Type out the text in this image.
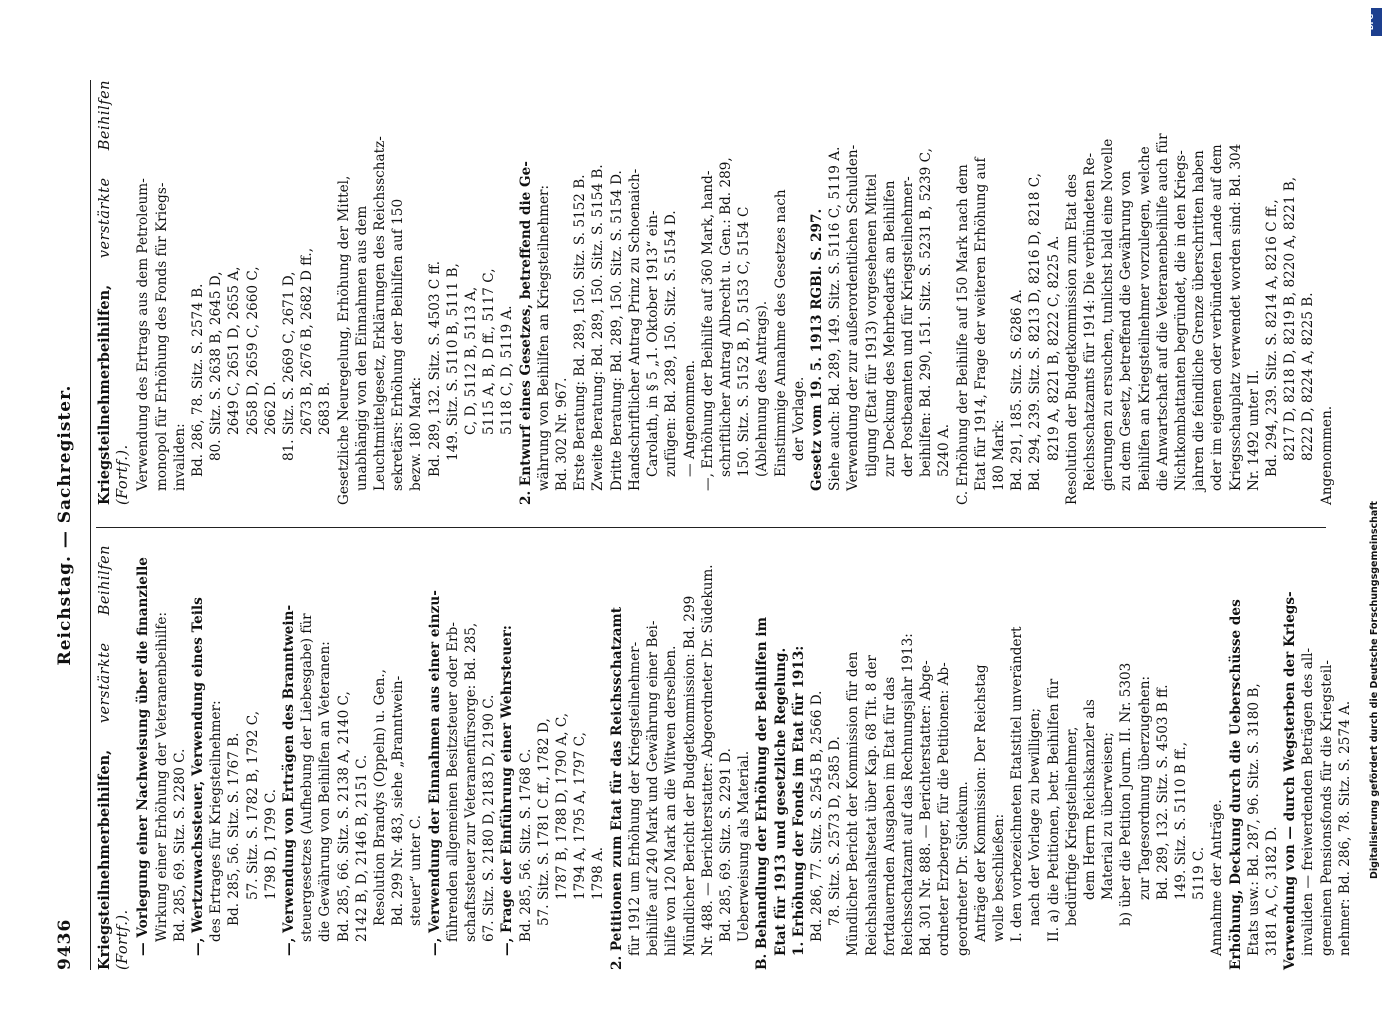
9436
Reichstag. — Sachregister.
Kriegsteilnehmerbeihilfen, verstärkte Beihilfen (Fortf.). — Vorlegung einer Nachweisung über die finanzielle Wirkung einer Erhöhung der Veteranenbeihilfe: Bd. 285, 69. Sitz. S. 2280 C. —, Wertzuwachssteuer, Verwendung eines Teils des Ertrages für Kriegsteilnehmer: Bd. 285, 56. Sitz. S. 1767 B. 57. Sitz. S. 1782 B, 1792 C, 1798 D, 1799 C. —, Verwendung von Erträgen des Branntwein- steuergesetzes (Aufhebung der Liebesgabe) für die Gewährung von Beihilfen an Veteranen: Bd. 285, 66. Sitz. S. 2138 A, 2140 C, 2142 B, D, 2146 B, 2151 C. Resolution Brandys (Oppeln) u. Gen., Bd. 299 Nr. 483, siehe „Branntwein- steuer“ unter C. —, Verwendung der Einnahmen aus einer einzu- führenden allgemeinen Besitzsteuer oder Erb- schaftssteuer zur Veteranenfürsorge: Bd. 285, 67. Sitz. S. 2180 D, 2183 D, 2190 C. —, Frage der Einführung einer Wehrsteuer: Bd. 285, 56. Sitz. S. 1768 C. 57. Sitz. S. 1781 C ff., 1782 D, 1787 B, 1788 D, 1790 A, C, 1794 A, 1795 A, 1797 C, 1798 A. 2. Petitionen zum Etat für das Reichsschatzamt für 1912 um Erhöhung der Kriegsteilnehmer- beihilfe auf 240 Mark und Gewährung einer Bei- hilfe von 120 Mark an die Witwen derselben. Mündlicher Bericht der Budgetkommission: Bd. 299 Nr. 488. — Berichterstatter: Abgeordneter Dr. Südekum. Bd. 285, 69. Sitz. S. 2291 D. Ueberweisung als Material. B. Behandlung der Erhöhung der Beihilfen im Etat für 1913 und gesetzliche Regelung. 1. Erhöhung der Fonds im Etat für 1913: Bd. 286, 77. Sitz. S. 2545 B, 2566 D. 78. Sitz. S. 2573 D, 2585 D. Mündlicher Bericht der Kommission für den Reichshaushaltsetat über Kap. 68 Tit. 8 der fortdauernden Ausgaben im Etat für das Reichsschatzamt auf das Rechnungsjahr 1913: Bd. 301 Nr. 888. — Berichterstatter: Abge- ordneter Erzberger, für die Petitionen: Ab- geordneter Dr. Südekum. Anträge der Kommission: Der Reichstag wolle beschließen: I. den vorbezeichneten Etatstitel unverändert nach der Vorlage zu bewilligen; II. a) die Petitionen, betr. Beihilfen für bedürftige Kriegsteilnehmer, dem Herrn Reichskanzler als Material zu überweisen; b) über die Petition Journ. II. Nr. 5303 zur Tagesordnung überzugehen: Bd. 289, 132. Sitz. S. 4503 B ff. 149. Sitz. S. 5110 B ff., 5119 C. Annahme der Anträge. Erhöhung, Deckung durch die Ueberschüsse des Etats usw.: Bd. 287, 96. Sitz. S. 3180 B, 3181 A, C, 3182 D. Verwendung von — durch Wegsterben der Kriegs- invaliden — freiwerdenden Beträgen des all- gemeinen Pensionsfonds für die Kriegsteil- nehmer: Bd. 286, 78. Sitz. S. 2574 A.
Kriegsteilnehmerbeihilfen, verstärkte Beihilfen (Fortf.). Verwendung des Ertrags aus dem Petroleum- monopol für Erhöhung des Fonds für Kriegs- invaliden: Bd. 286, 78. Sitz. S. 2574 B. 80. Sitz. S. 2638 B, 2645 D, 2649 C, 2651 D, 2655 A, 2658 D, 2659 C, 2660 C, 2662 D. 81. Sitz. S. 2669 C, 2671 D, 2673 B, 2676 B, 2682 D ff., 2683 B. Gesetzliche Neuregelung, Erhöhung der Mittel, unabhängig von den Einnahmen aus dem Leuchtmittelgesetz, Erklärungen des Reichsschatz- sekretärs: Erhöhung der Beihilfen auf 150 bezw. 180 Mark: Bd. 289, 132. Sitz. S. 4503 C ff. 149. Sitz. S. 5110 B, 5111 B, C, D, 5112 B, 5113 A, 5115 A, B, D ff., 5117 C, 5118 C, D, 5119 A. 2. Entwurf eines Gesetzes, betreffend die Ge- währung von Beihilfen an Kriegsteilnehmer: Bd. 302 Nr. 967. Erste Beratung: Bd. 289, 150. Sitz. S. 5152 B. Zweite Beratung: Bd. 289, 150. Sitz. S. 5154 B. Dritte Beratung: Bd. 289, 150. Sitz. S. 5154 D. Handschriftlicher Antrag Prinz zu Schoenaich- Carolath, in § 5 „1. Oktober 1913“ ein- zufügen: Bd. 289, 150. Sitz. S. 5154 D. — Angenommen. —, Erhöhung der Beihilfe auf 360 Mark, hand- schriftlicher Antrag Albrecht u. Gen.: Bd. 289, 150. Sitz. S. 5152 B, D, 5153 C, 5154 C (Ablehnung des Antrags). Einstimmige Annahme des Gesetzes nach der Vorlage. Gesetz vom 19. 5. 1913 RGBl. S. 297. Siehe auch: Bd. 289, 149. Sitz. S. 5116 C, 5119 A. Verwendung der zur außerordentlichen Schulden- tilgung (Etat für 1913) vorgesehenen Mittel zur Deckung des Mehrbedarfs an Beihilfen der Postbeamten und für Kriegsteilnehmer- beihilfen: Bd. 290, 151. Sitz. S. 5231 B, 5239 C, 5240 A. C. Erhöhung der Beihilfe auf 150 Mark nach dem Etat für 1914, Frage der weiteren Erhöhung auf 180 Mark: Bd. 291, 185. Sitz. S. 6286 A. Bd. 294, 239. Sitz. S. 8213 D, 8216 D, 8218 C, 8219 A, 8221 B, 8222 C, 8225 A. Resolution der Budgetkommission zum Etat des Reichsschatzamts für 1914: Die verbündeten Re- gierungen zu ersuchen, tunlichst bald eine Novelle zu dem Gesetz, betreffend die Gewährung von Beihilfen an Kriegsteilnehmer vorzulegen, welche die Anwartschaft auf die Veteranenbeihilfe auch für Nichtkombattanten begründet, die in den Kriegs- jahren die feindliche Grenze überschritten haben oder im eigenen oder verbündeten Lande auf dem Kriegsschauplatz verwendet worden sind: Bd. 304 Nr. 1492 unter II. Bd. 294, 239. Sitz. S. 8214 A, 8216 C ff., 8217 D, 8218 D, 8219 B, 8220 A, 8221 B, 8222 D, 8224 A, 8225 B. Angenommen.
DFG
Digitalisierung gefördert durch die Deutsche Forschungsgemeinschaft
